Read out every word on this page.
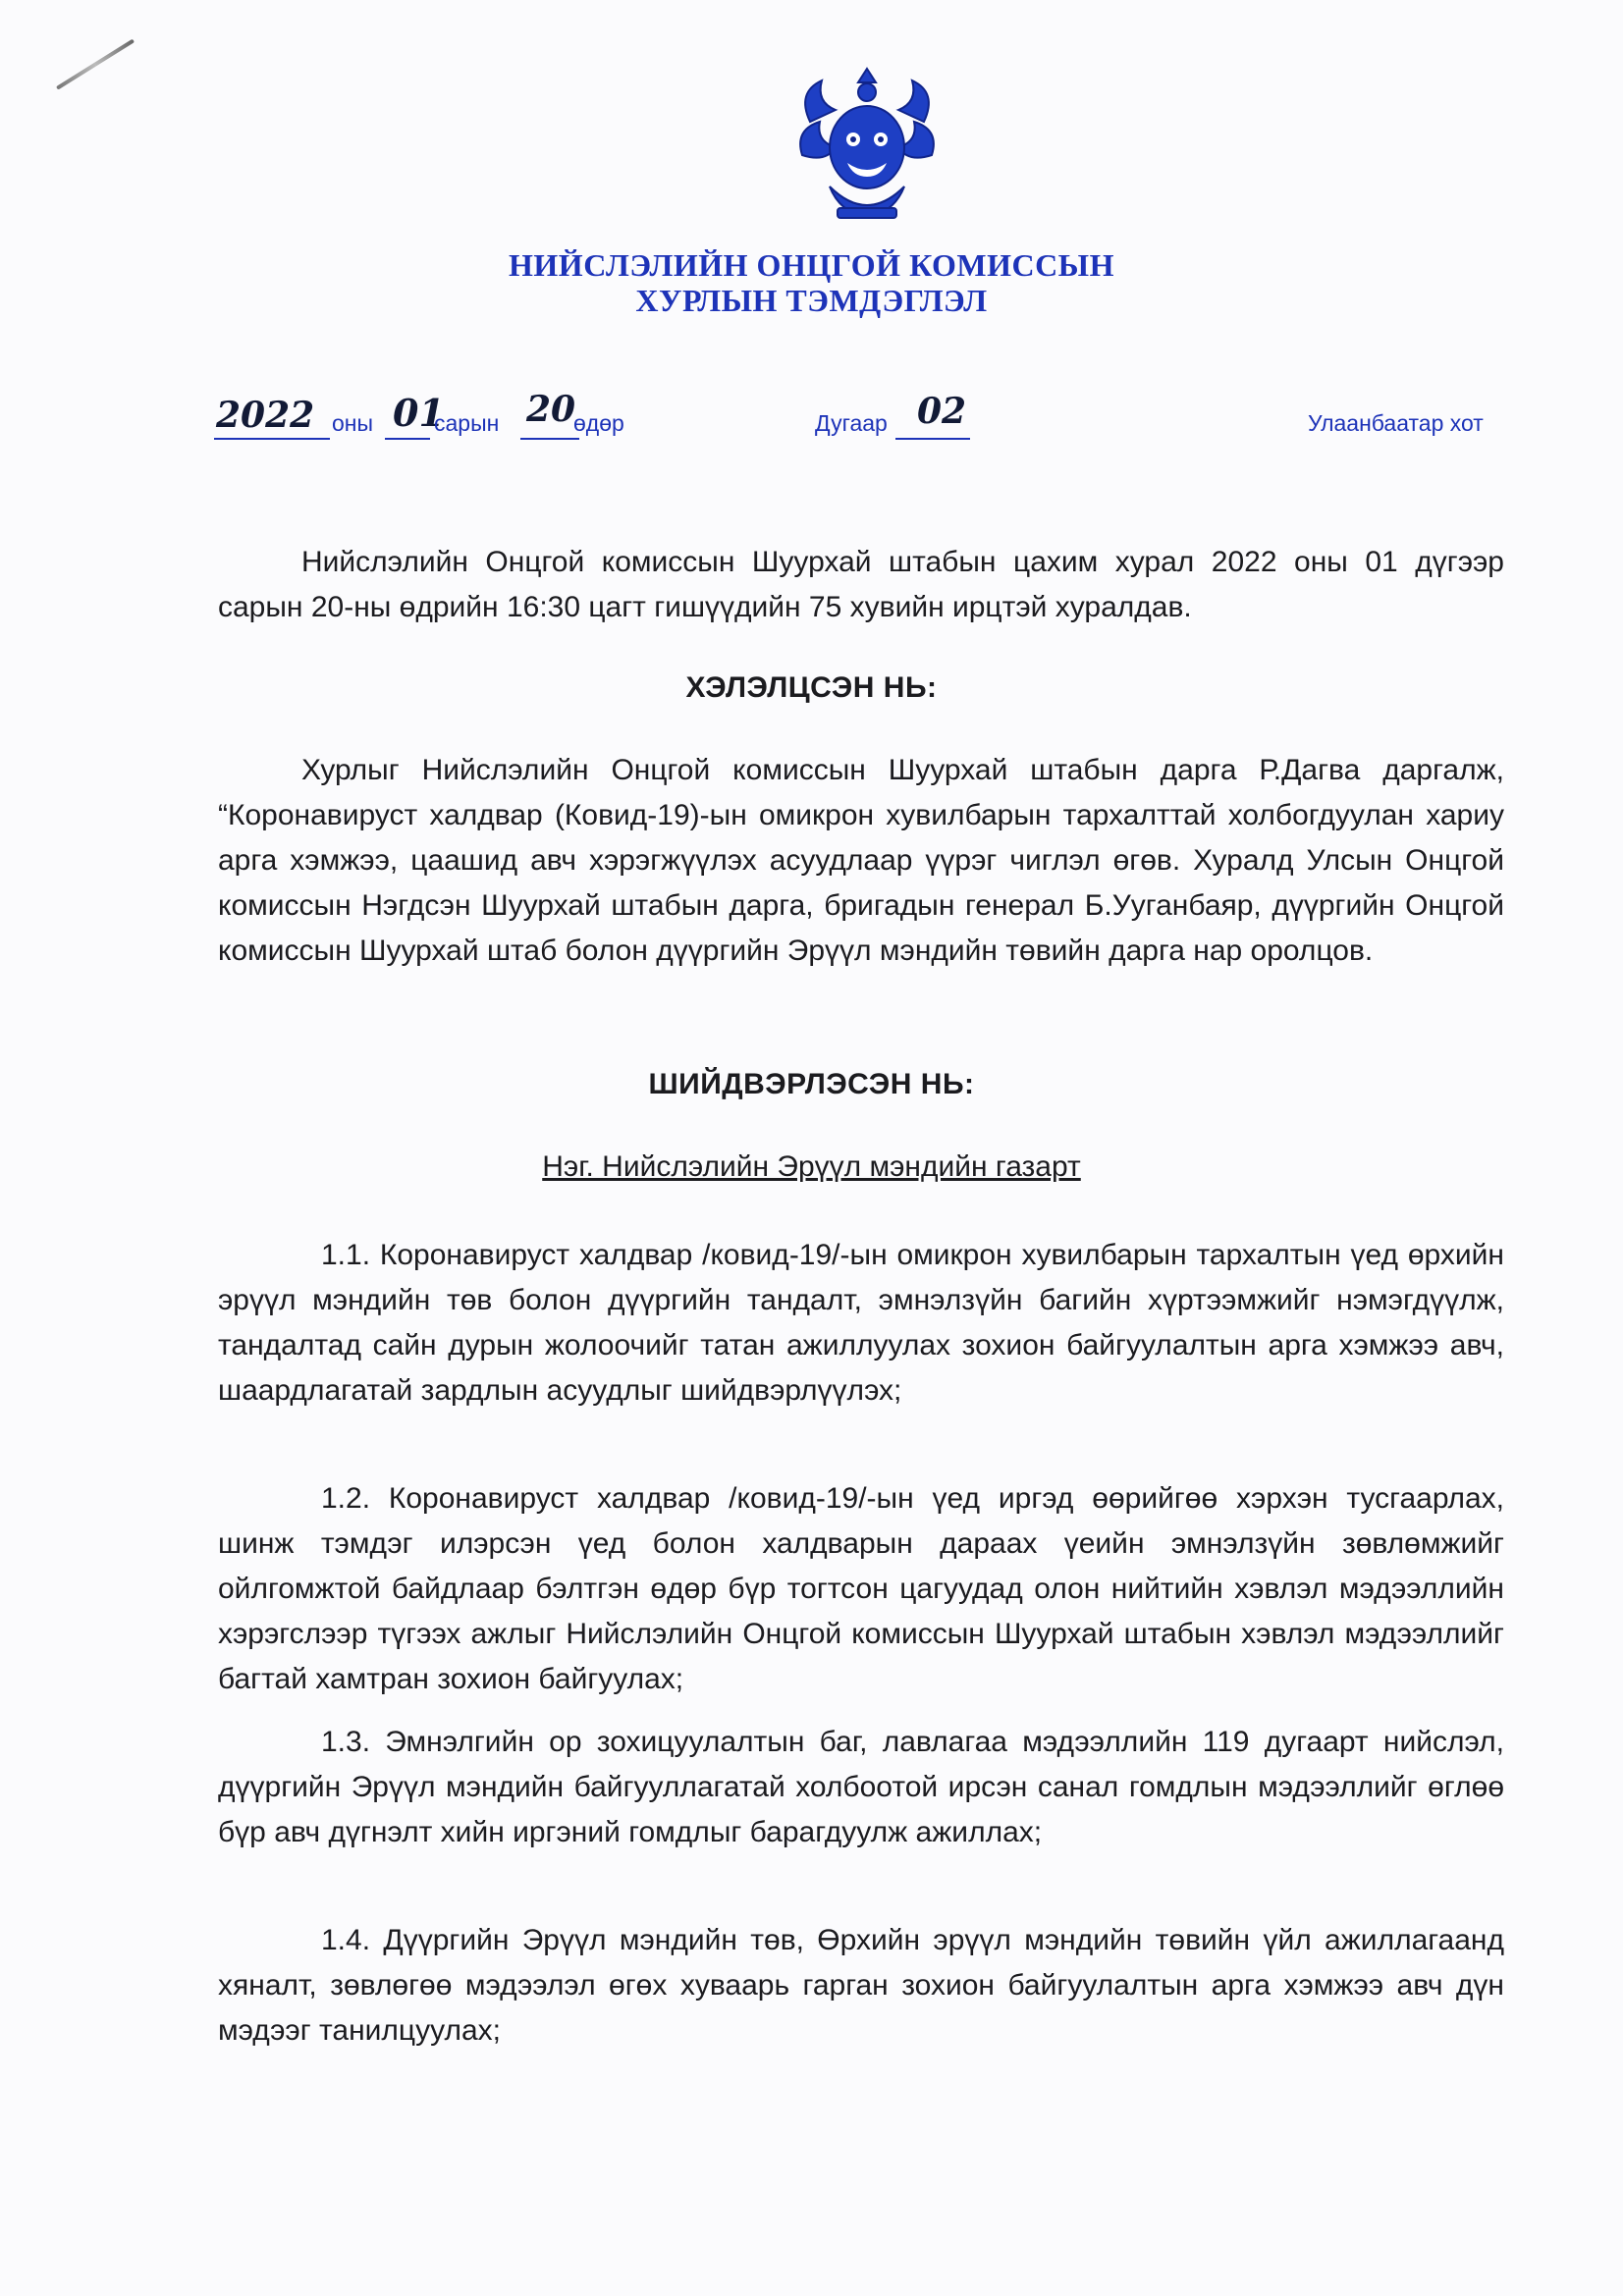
НИЙСЛЭЛИЙН ОНЦГОЙ КОМИССЫН
ХУРЛЫН ТЭМДЭГЛЭЛ
2022 оны 01
сарын 20
өдөр	Дугаар 02	Улаанбаатар хот
Нийслэлийн Онцгой комиссын Шуурхай штабын цахим хурал 2022 оны 01 дүгээр сарын 20-ны өдрийн 16:30 цагт гишүүдийн 75 хувийн ирцтэй хуралдав.
ХЭЛЭЛЦСЭН НЬ:
Хурлыг Нийслэлийн Онцгой комиссын Шуурхай штабын дарга Р.Дагва даргалж, “Коронавируст халдвар (Ковид-19)-ын омикрон хувилбарын тархалттай холбогдуулан хариу арга хэмжээ, цаашид авч хэрэгжүүлэх асуудлаар үүрэг чиглэл өгөв. Хуралд Улсын Онцгой комиссын Нэгдсэн Шуурхай штабын дарга, бригадын генерал Б.Ууганбаяр, дүүргийн Онцгой комиссын Шуурхай штаб болон дүүргийн Эрүүл мэндийн төвийн дарга нар оролцов.
ШИЙДВЭРЛЭСЭН НЬ:
Нэг. Нийслэлийн Эрүүл мэндийн газарт
1.1. Коронавируст халдвар /ковид-19/-ын омикрон хувилбарын тархалтын үед өрхийн эрүүл мэндийн төв болон дүүргийн тандалт, эмнэлзүйн багийн хүртээмжийг нэмэгдүүлж, тандалтад сайн дурын жолоочийг татан ажиллуулах зохион байгуулалтын арга хэмжээ авч, шаардлагатай зардлын асуудлыг шийдвэрлүүлэх;
1.2. Коронавируст халдвар /ковид-19/-ын үед иргэд өөрийгөө хэрхэн тусгаарлах, шинж тэмдэг илэрсэн үед болон халдварын дараах үеийн эмнэлзүйн зөвлөмжийг ойлгомжтой байдлаар бэлтгэн өдөр бүр тогтсон цагуудад олон нийтийн хэвлэл мэдээллийн хэрэгслээр түгээх ажлыг Нийслэлийн Онцгой комиссын Шуурхай штабын хэвлэл мэдээллийг багтай хамтран зохион байгуулах;
1.3. Эмнэлгийн ор зохицуулалтын баг, лавлагаа мэдээллийн 119 дугаарт нийслэл, дүүргийн Эрүүл мэндийн байгууллагатай холбоотой ирсэн санал гомдлын мэдээллийг өглөө бүр авч дүгнэлт хийн иргэний гомдлыг барагдуулж ажиллах;
1.4. Дүүргийн Эрүүл мэндийн төв, Өрхийн эрүүл мэндийн төвийн үйл ажиллагаанд хяналт, зөвлөгөө мэдээлэл өгөх хуваарь гарган зохион байгуулалтын арга хэмжээ авч дүн мэдээг танилцуулах;
